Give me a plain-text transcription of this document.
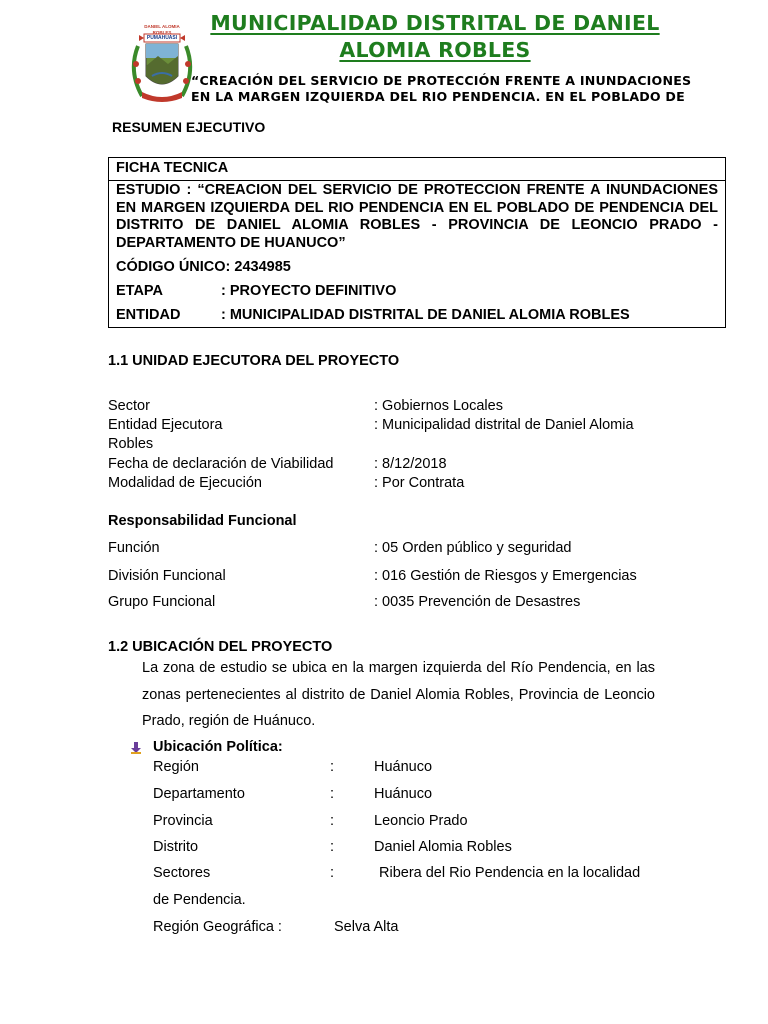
DANIEL ALOMIA ROBLES
PUMAHUASI
MUNICIPALIDAD DISTRITAL DE DANIEL ALOMIA ROBLES
“CREACIÓN DEL SERVICIO DE PROTECCIÓN FRENTE A INUNDACIONES
EN LA MARGEN IZQUIERDA DEL RIO PENDENCIA. EN EL POBLADO DE
RESUMEN EJECUTIVO
FICHA TECNICA
ESTUDIO : “CREACION DEL SERVICIO DE PROTECCION FRENTE A INUNDACIONES EN MARGEN IZQUIERDA DEL RIO PENDENCIA EN EL POBLADO DE PENDENCIA DEL DISTRITO DE DANIEL ALOMIA ROBLES - PROVINCIA DE LEONCIO PRADO - DEPARTAMENTO DE HUANUCO”
CÓDIGO ÚNICO: 2434985
ETAPA	: PROYECTO DEFINITIVO
ENTIDAD	: MUNICIPALIDAD DISTRITAL DE DANIEL ALOMIA ROBLES
1.1 UNIDAD EJECUTORA DEL PROYECTO
Sector	: Gobiernos Locales
Entidad Ejecutora	: Municipalidad distrital de Daniel Alomia
Robles
Fecha de declaración de Viabilidad	: 8/12/2018
Modalidad de Ejecución	: Por Contrata
Responsabilidad Funcional
Función	: 05 Orden público y seguridad
División Funcional	: 016 Gestión de Riesgos y Emergencias
Grupo Funcional	: 0035 Prevención de Desastres
1.2 UBICACIÓN DEL PROYECTO
La zona de estudio se ubica en la margen izquierda del Río Pendencia, en las zonas pertenecientes al distrito de Daniel Alomia Robles, Provincia de Leoncio Prado, región de Huánuco.
Ubicación Política:
Región	:	Huánuco
Departamento	:	Huánuco
Provincia	:	Leoncio Prado
Distrito	:	Daniel Alomia Robles
Sectores	:	Ribera del Rio Pendencia en la localidad
de Pendencia.
Región Geográfica :	Selva Alta
